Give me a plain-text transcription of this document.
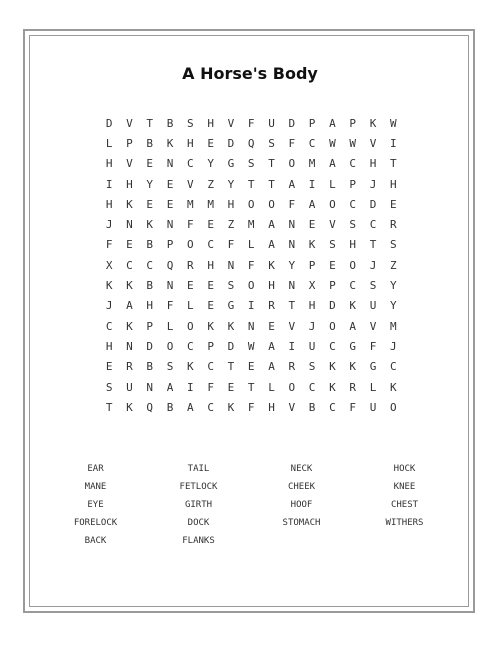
A Horse's Body
D	V	T	B	S	H	V	F	U	D	P	A	P	K	W
L	P	B	K	H	E	D	Q	S	F	C	W	W	V	I
H	V	E	N	C	Y	G	S	T	O	M	A	C	H	T
I	H	Y	E	V	Z	Y	T	T	A	I	L	P	J	H
H	K	E	E	M	M	H	O	O	F	A	O	C	D	E
J	N	K	N	F	E	Z	M	A	N	E	V	S	C	R
F	E	B	P	O	C	F	L	A	N	K	S	H	T	S
X	C	C	Q	R	H	N	F	K	Y	P	E	O	J	Z
K	K	B	N	E	E	S	O	H	N	X	P	C	S	Y
J	A	H	F	L	E	G	I	R	T	H	D	K	U	Y
C	K	P	L	O	K	K	N	E	V	J	O	A	V	M
H	N	D	O	C	P	D	W	A	I	U	C	G	F	J
E	R	B	S	K	C	T	E	A	R	S	K	K	G	C
S	U	N	A	I	F	E	T	L	O	C	K	R	L	K
T	K	Q	B	A	C	K	F	H	V	B	C	F	U	O
EAR	TAIL	NECK	HOCK
MANE	FETLOCK	CHEEK	KNEE
EYE	GIRTH	HOOF	CHEST
FORELOCK	DOCK	STOMACH	WITHERS
BACK	FLANKS
